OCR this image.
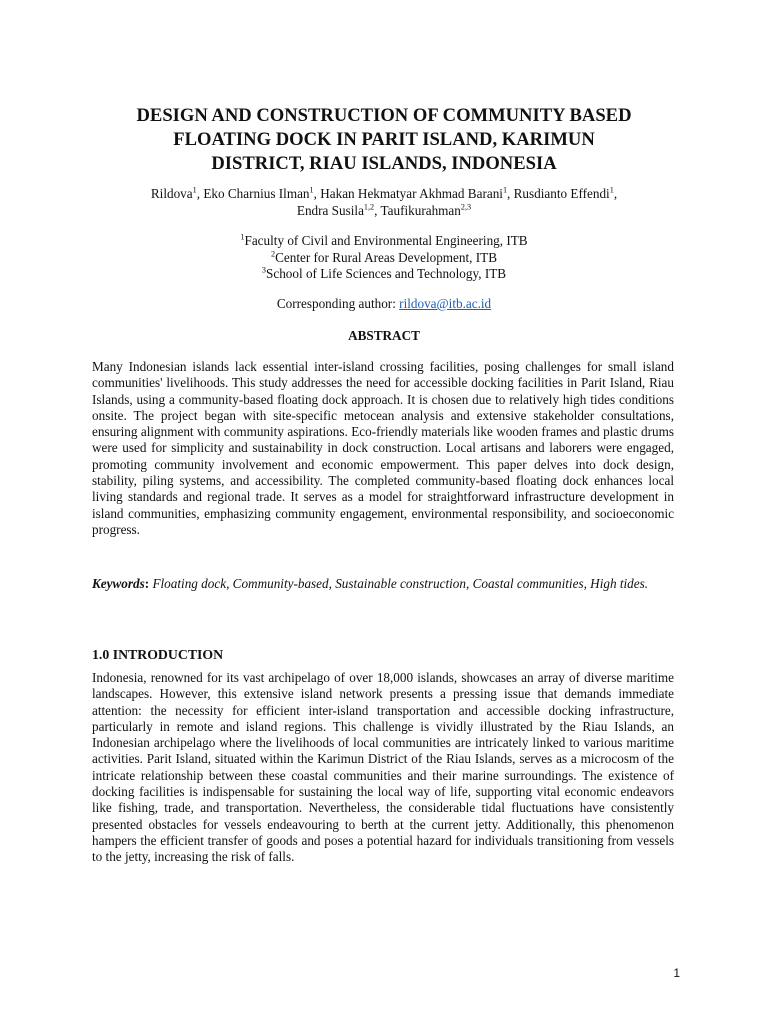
DESIGN AND CONSTRUCTION OF COMMUNITY BASED
FLOATING DOCK IN PARIT ISLAND, KARIMUN
DISTRICT, RIAU ISLANDS, INDONESIA
Rildova$^1$, Eko Charnius Ilman$^1$, Hakan Hekmatyar Akhmad Barani$^1$, Rusdianto Effendi$^1$,
Endra Susila$^{1,2}$, Taufikurahman$^{2,3}$
$^1$Faculty of Civil and Environmental Engineering, ITB
$^2$Center for Rural Areas Development, ITB
$^3$School of Life Sciences and Technology, ITB
Corresponding author: rildova@itb.ac.id
ABSTRACT

Many Indonesian islands lack essential inter-island crossing facilities, posing challenges for small island communities' livelihoods. This study addresses the need for accessible docking facilities in Parit Island, Riau Islands, using a community-based floating dock approach. It is chosen due to relatively high tides conditions onsite. The project began with site-specific metocean analysis and extensive stakeholder consultations, ensuring alignment with community aspirations. Eco-friendly materials like wooden frames and plastic drums were used for simplicity and sustainability in dock construction. Local artisans and laborers were engaged, promoting community involvement and economic empowerment. This paper delves into dock design, stability, piling systems, and accessibility. The completed community-based floating dock enhances local living standards and regional trade. It serves as a model for straightforward infrastructure development in island communities, emphasizing community engagement, environmental responsibility, and socioeconomic progress.

Keywords: Floating dock, Community-based, Sustainable construction, Coastal communities, High tides.

1.0 INTRODUCTION

Indonesia, renowned for its vast archipelago of over 18,000 islands, showcases an array of diverse maritime landscapes. However, this extensive island network presents a pressing issue that demands immediate attention: the necessity for efficient inter-island transportation and accessible docking infrastructure, particularly in remote and island regions. This challenge is vividly illustrated by the Riau Islands, an Indonesian archipelago where the livelihoods of local communities are intricately linked to various maritime activities. Parit Island, situated within the Karimun District of the Riau Islands, serves as a microcosm of the intricate relationship between these coastal communities and their marine surroundings. The existence of docking facilities is indispensable for sustaining the local way of life, supporting vital economic endeavors like fishing, trade, and transportation. Nevertheless, the considerable tidal fluctuations have consistently presented obstacles for vessels endeavouring to berth at the current jetty. Additionally, this phenomenon hampers the efficient transfer of goods and poses a potential hazard for individuals transitioning from vessels to the jetty, increasing the risk of falls.

1
